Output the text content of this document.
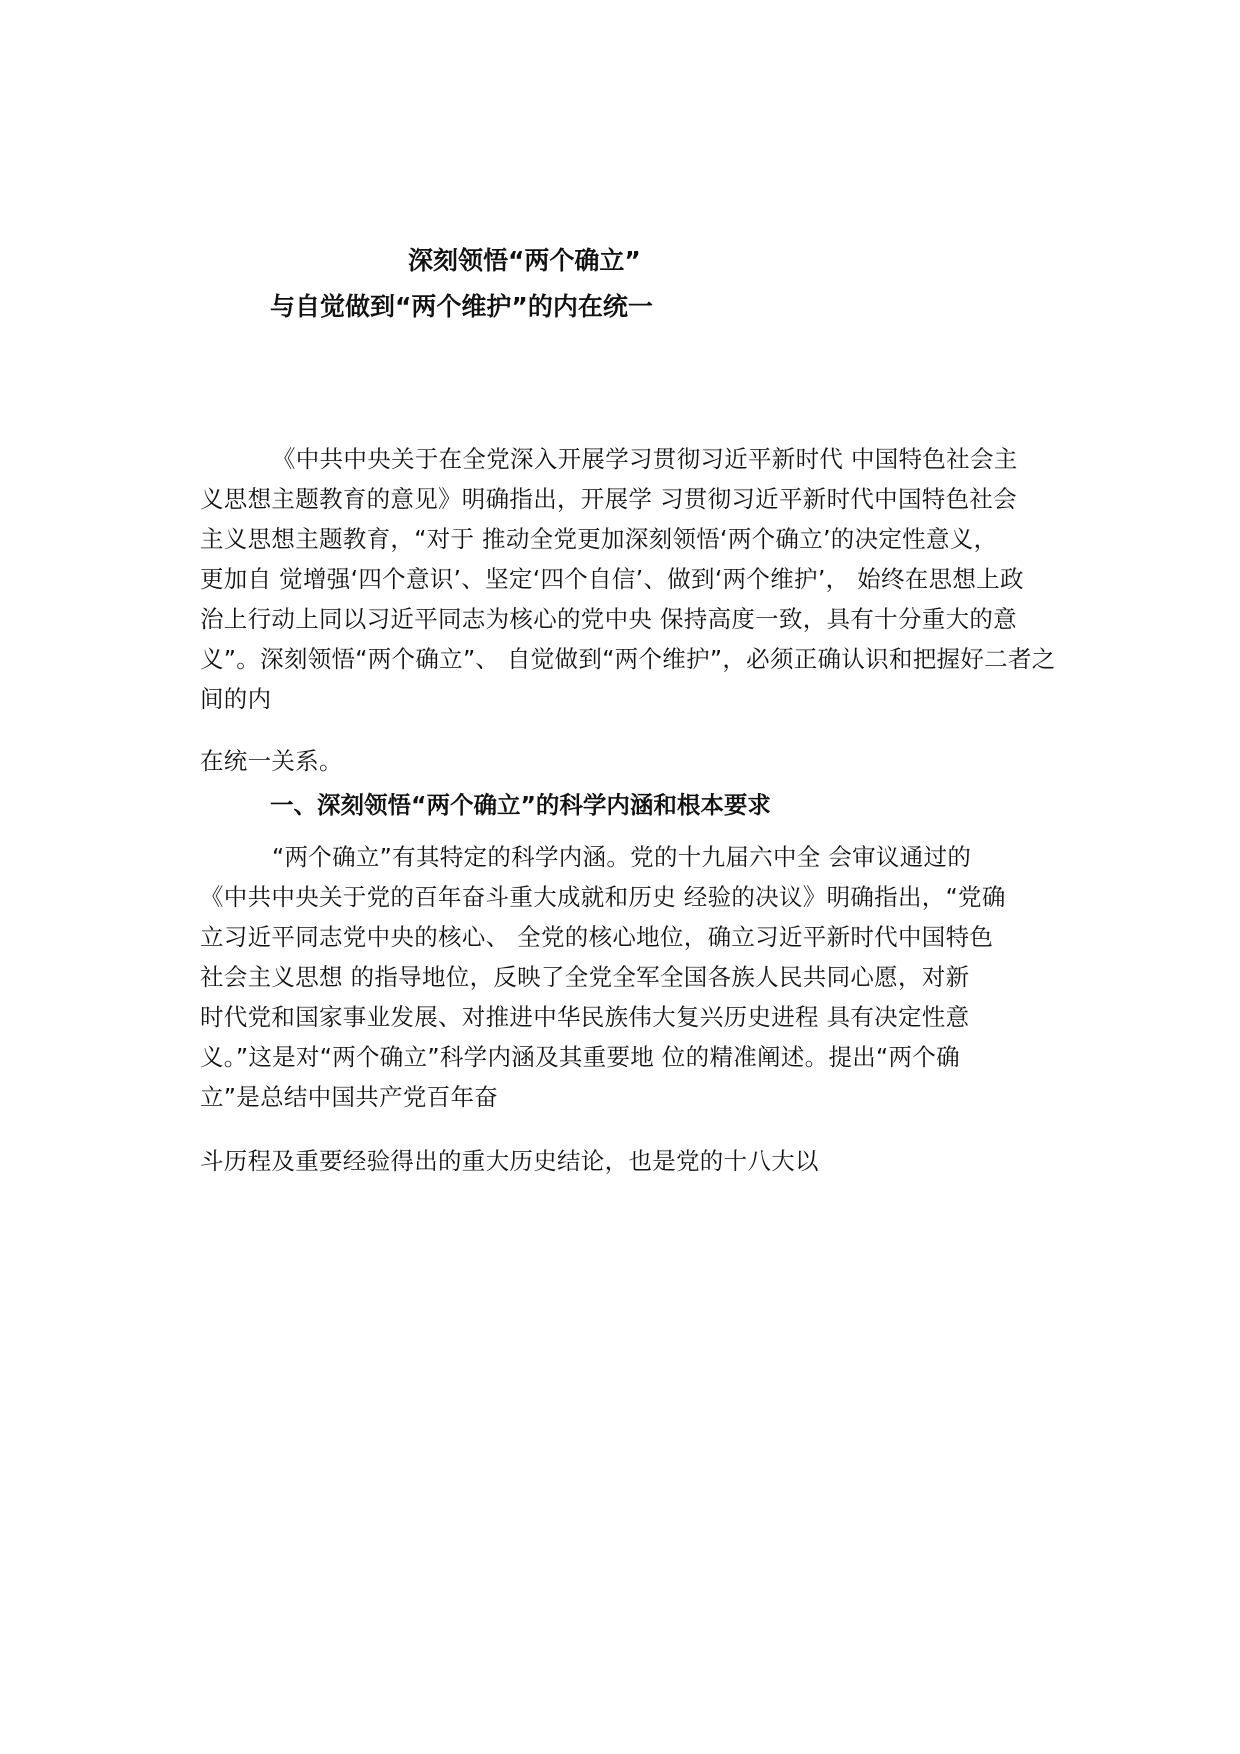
深刻领悟“两个确立”
与自觉做到“两个维护”的内在统一
《中共中央关于在全党深入开展学习贯彻习近平新时代 中国特色社会主
义思想主题教育的意见》明确指出，开展学 习贯彻习近平新时代中国特色社会
主义思想主题教育，“对于 推动全党更加深刻领悟‘两个确立’的决定性意义，
更加自 觉增强‘四个意识’、坚定‘四个自信’、做到‘两个维护’， 始终在思想上政
治上行动上同以习近平同志为核心的党中央 保持高度一致，具有十分重大的意
义”。深刻领悟“两个确立”、 自觉做到“两个维护”，必须正确认识和把握好二者之
间的内
在统一关系。
一、深刻领悟“两个确立”的科学内涵和根本要求
“两个确立”有其特定的科学内涵。党的十九届六中全 会审议通过的
《中共中央关于党的百年奋斗重大成就和历史 经验的决议》明确指出，“党确
立习近平同志党中央的核心、 全党的核心地位，确立习近平新时代中国特色
社会主义思想 的指导地位，反映了全党全军全国各族人民共同心愿，对新
时代党和国家事业发展、对推进中华民族伟大复兴历史进程 具有决定性意
义。”这是对“两个确立”科学内涵及其重要地 位的精准阐述。提出“两个确
立”是总结中国共产党百年奋
斗历程及重要经验得出的重大历史结论，也是党的十八大以
